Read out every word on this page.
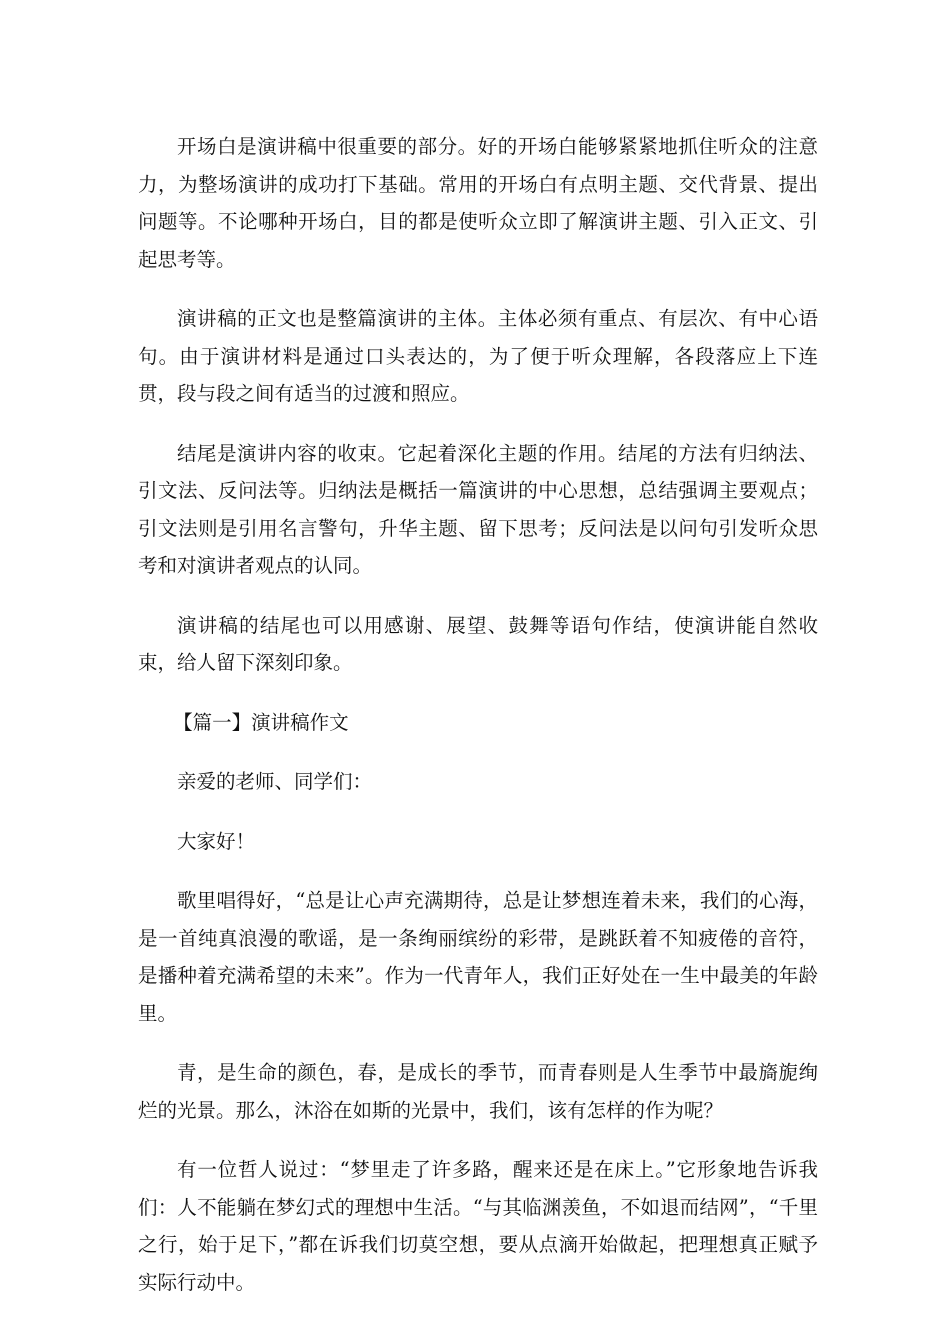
开场白是演讲稿中很重要的部分。好的开场白能够紧紧地抓住听众的注意力，为整场演讲的成功打下基础。常用的开场白有点明主题、交代背景、提出问题等。不论哪种开场白，目的都是使听众立即了解演讲主题、引入正文、引起思考等。

演讲稿的正文也是整篇演讲的主体。主体必须有重点、有层次、有中心语句。由于演讲材料是通过口头表达的，为了便于听众理解，各段落应上下连贯，段与段之间有适当的过渡和照应。

结尾是演讲内容的收束。它起着深化主题的作用。结尾的方法有归纳法、引文法、反问法等。归纳法是概括一篇演讲的中心思想，总结强调主要观点；引文法则是引用名言警句，升华主题、留下思考；反问法是以问句引发听众思考和对演讲者观点的认同。

演讲稿的结尾也可以用感谢、展望、鼓舞等语句作结，使演讲能自然收束，给人留下深刻印象。

【篇一】演讲稿作文

亲爱的老师、同学们：

大家好！

歌里唱得好，“总是让心声充满期待，总是让梦想连着未来，我们的心海，是一首纯真浪漫的歌谣，是一条绚丽缤纷的彩带，是跳跃着不知疲倦的音符，是播种着充满希望的未来”。作为一代青年人，我们正好处在一生中最美的年龄里。

青，是生命的颜色，春，是成长的季节，而青春则是人生季节中最旖旎绚烂的光景。那么，沐浴在如斯的光景中，我们，该有怎样的作为呢？

有一位哲人说过：“梦里走了许多路，醒来还是在床上。”它形象地告诉我们：人不能躺在梦幻式的理想中生活。“与其临渊羡鱼，不如退而结网”，“千里之行，始于足下，”都在诉我们切莫空想，要从点滴开始做起，把理想真正赋予实际行动中。
